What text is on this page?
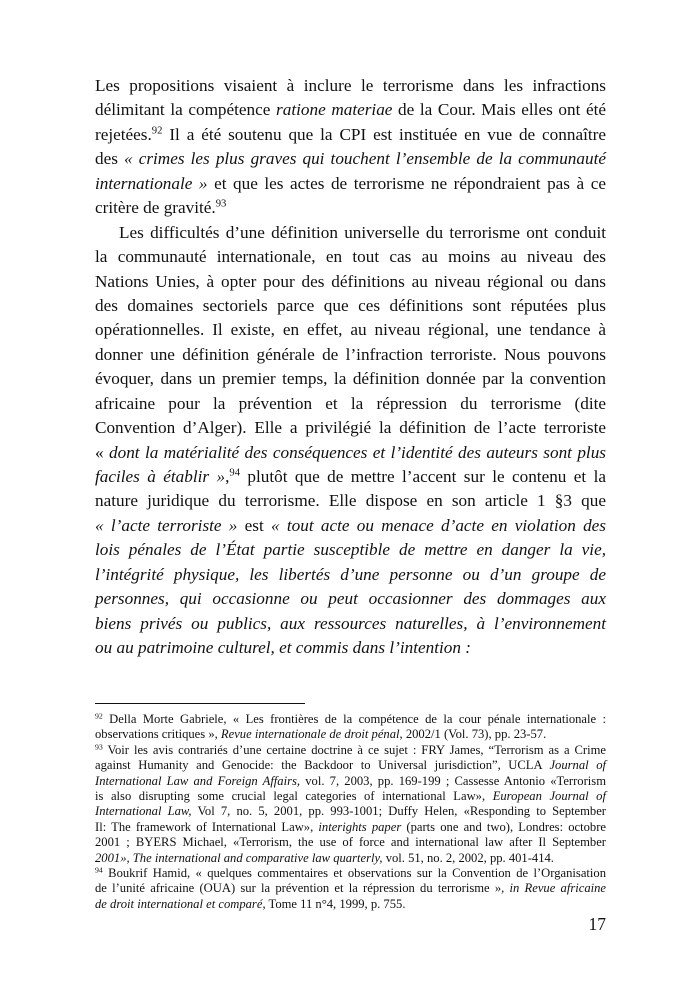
Les propositions visaient à inclure le terrorisme dans les infractions
délimitant la compétence ratione materiae de la Cour. Mais elles ont été
rejetées.$^{92}$ Il a été soutenu que la CPI est instituée en vue de connaître
des « crimes les plus graves qui touchent l’ensemble de la communauté
internationale » et que les actes de terrorisme ne répondraient pas à ce
critère de gravité.$^{93}$
Les difficultés d’une définition universelle du terrorisme ont conduit
la communauté internationale, en tout cas au moins au niveau des
Nations Unies, à opter pour des définitions au niveau régional ou dans
des domaines sectoriels parce que ces définitions sont réputées plus
opérationnelles. Il existe, en effet, au niveau régional, une tendance à
donner une définition générale de l’infraction terroriste. Nous pouvons
évoquer, dans un premier temps, la définition donnée par la convention
africaine pour la prévention et la répression du terrorisme (dite
Convention d’Alger). Elle a privilégié la définition de l’acte terroriste
« dont la matérialité des conséquences et l’identité des auteurs sont plus
faciles à établir »,$^{94}$ plutôt que de mettre l’accent sur le contenu et la
nature juridique du terrorisme. Elle dispose en son article 1 §3 que
« l’acte terroriste » est « tout acte ou menace d’acte en violation des
lois pénales de l’État partie susceptible de mettre en danger la vie,
l’intégrité physique, les libertés d’une personne ou d’un groupe de
personnes, qui occasionne ou peut occasionner des dommages aux
biens privés ou publics, aux ressources naturelles, à l’environnement
ou au patrimoine culturel, et commis dans l’intention :
$^{92}$ Della Morte Gabriele, « Les frontières de la compétence de la cour pénale internationale :
observations critiques », Revue internationale de droit pénal, 2002/1 (Vol. 73), pp. 23-57.
$^{93}$ Voir les avis contrariés d’une certaine doctrine à ce sujet : FRY James, “Terrorism as a Crime
against Humanity and Genocide: the Backdoor to Universal jurisdiction”, UCLA Journal of
International Law and Foreign Affairs, vol. 7, 2003, pp. 169-199 ; Cassesse Antonio «Terrorism
is also disrupting some crucial legal categories of international Law», European Journal of
International Law, Vol 7, no. 5, 2001, pp. 993-1001; Duffy Helen, «Responding to September
Il: The framework of International Law», interights paper (parts one and two), Londres: octobre
2001 ; BYERS Michael, «Terrorism, the use of force and international law after Il September
2001», The international and comparative law quarterly, vol. 51, no. 2, 2002, pp. 401-414.
$^{94}$ Boukrif Hamid, « quelques commentaires et observations sur la Convention de l’Organisation
de l’unité africaine (OUA) sur la prévention et la répression du terrorisme », in Revue africaine
de droit international et comparé, Tome 11 n°4, 1999, p. 755.
17
